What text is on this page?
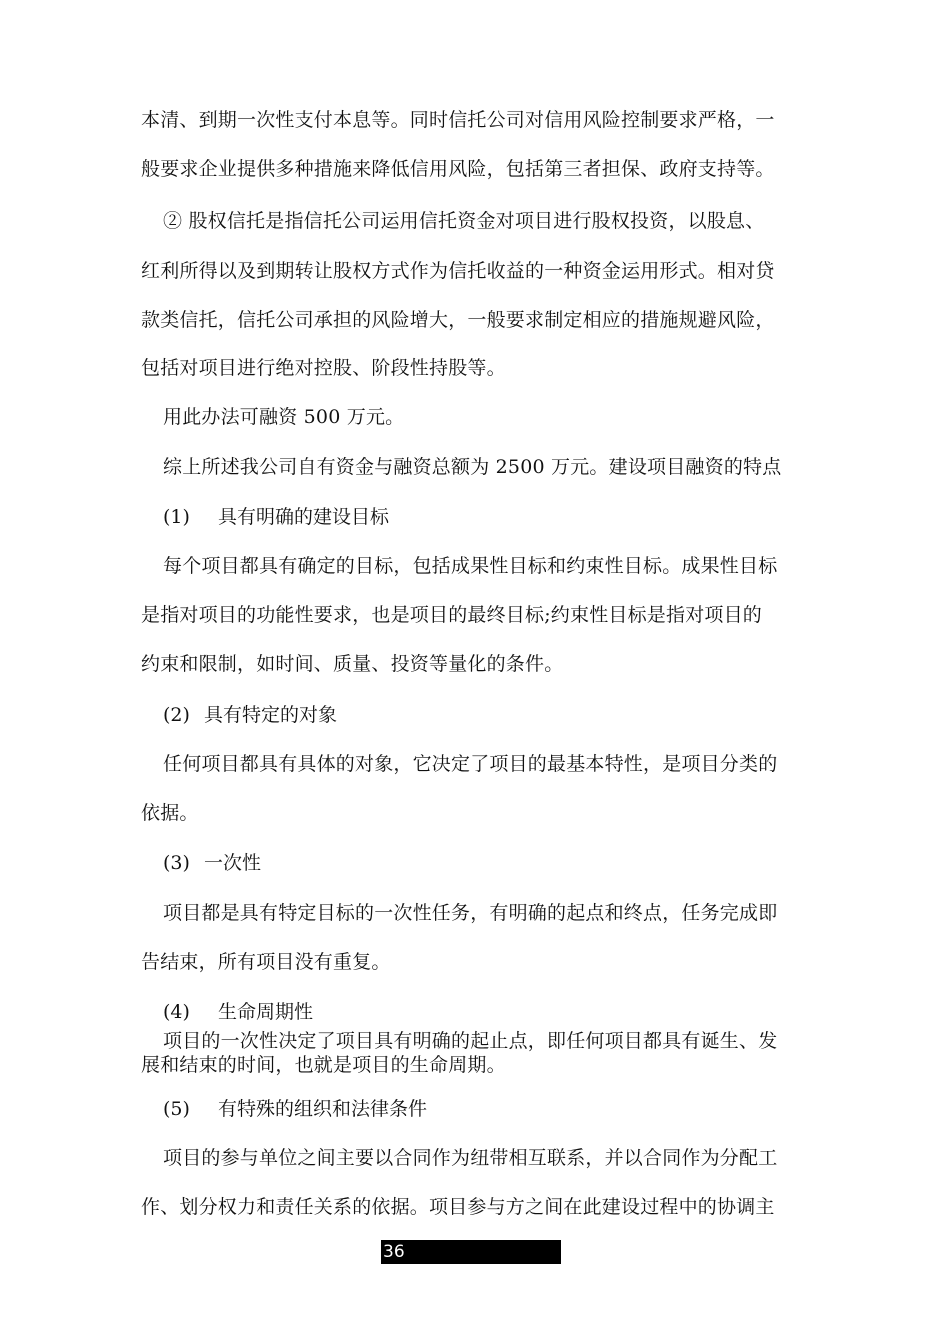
本清、到期一次性支付本息等。同时信托公司对信用风险控制要求严格，一
般要求企业提供多种措施来降低信用风险，包括第三者担保、政府支持等。
② 股权信托是指信托公司运用信托资金对项目进行股权投资，以股息、
红利所得以及到期转让股权方式作为信托收益的一种资金运用形式。相对贷
款类信托，信托公司承担的风险增大，一般要求制定相应的措施规避风险，
包括对项目进行绝对控股、阶段性持股等。
用此办法可融资 500 万元。
综上所述我公司自有资金与融资总额为 2500 万元。建设项目融资的特点
(1) 具有明确的建设目标
每个项目都具有确定的目标，包括成果性目标和约束性目标。成果性目标
是指对项目的功能性要求，也是项目的最终目标;约束性目标是指对项目的
约束和限制，如时间、质量、投资等量化的条件。
(2) 具有特定的对象
任何项目都具有具体的对象，它决定了项目的最基本特性，是项目分类的
依据。
(3) 一次性
项目都是具有特定目标的一次性任务，有明确的起点和终点，任务完成即
告结束，所有项目没有重复。
(4) 生命周期性
项目的一次性决定了项目具有明确的起止点，即任何项目都具有诞生、发
展和结束的时间，也就是项目的生命周期。
(5) 有特殊的组织和法律条件
项目的参与单位之间主要以合同作为纽带相互联系，并以合同作为分配工
作、划分权力和责任关系的依据。项目参与方之间在此建设过程中的协调主
36
